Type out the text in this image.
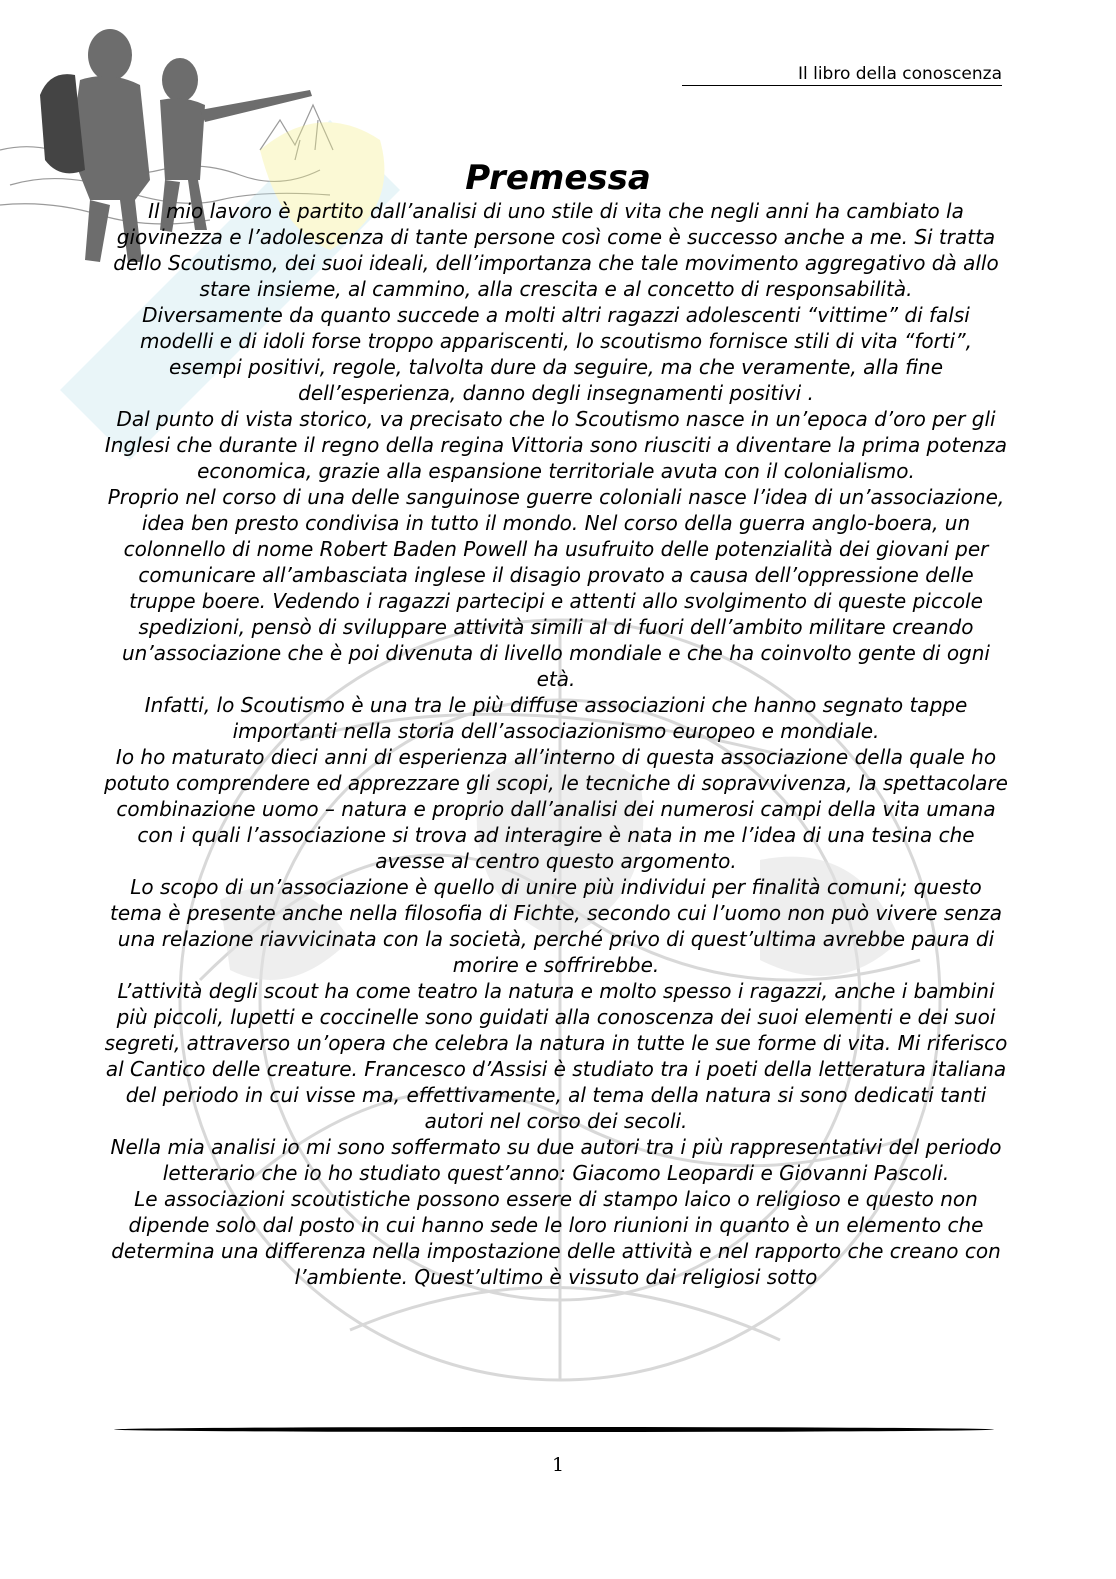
Il libro della conoscenza
Premessa

Il mio lavoro è partito dall’analisi di uno stile di vita che negli anni ha cambiato la giovinezza e l’adolescenza di tante persone così come è successo anche a me. Si tratta dello Scoutismo, dei suoi ideali, dell’importanza che tale movimento aggregativo dà allo stare insieme, al cammino, alla crescita e al concetto di responsabilità.

Diversamente da quanto succede a molti altri ragazzi adolescenti “vittime” di falsi modelli e di idoli forse troppo appariscenti, lo scoutismo fornisce stili di vita “forti”, esempi positivi, regole, talvolta dure da seguire, ma che veramente, alla fine dell’esperienza, danno degli insegnamenti positivi .

Dal punto di vista storico, va precisato che lo Scoutismo nasce in un’epoca d’oro per gli Inglesi che durante il regno della regina Vittoria sono riusciti a diventare la prima potenza economica, grazie alla espansione territoriale avuta con il colonialismo.

Proprio nel corso di una delle sanguinose guerre coloniali nasce l’idea di un’associazione, idea ben presto condivisa in tutto il mondo. Nel corso della guerra anglo-boera, un colonnello di nome Robert Baden Powell ha usufruito delle potenzialità dei giovani per comunicare all’ambasciata inglese il disagio provato a causa dell’oppressione delle truppe boere. Vedendo i ragazzi partecipi e attenti allo svolgimento di queste piccole spedizioni, pensò di sviluppare attività simili al di fuori dell’ambito militare creando un’associazione che è poi divenuta di livello mondiale e che ha coinvolto gente di ogni età.

Infatti, lo Scoutismo è una tra le più diffuse associazioni che hanno segnato tappe importanti nella storia dell’associazionismo europeo e mondiale.

Io ho maturato dieci anni di esperienza all’interno di questa associazione della quale ho potuto comprendere ed apprezzare gli scopi, le tecniche di sopravvivenza, la spettacolare combinazione uomo – natura e proprio dall’analisi dei numerosi campi della vita umana con i quali l’associazione si trova ad interagire è nata in me l’idea di una tesina che avesse al centro questo argomento.

Lo scopo di un’associazione è quello di unire più individui per finalità comuni; questo tema è presente anche nella filosofia di Fichte, secondo cui l’uomo non può vivere senza una relazione riavvicinata con la società, perché privo di quest’ultima avrebbe paura di morire e soffrirebbe.

L’attività degli scout ha come teatro la natura e molto spesso i ragazzi, anche i bambini più piccoli, lupetti e coccinelle sono guidati alla conoscenza dei suoi elementi e dei suoi segreti, attraverso un’opera che celebra la natura in tutte le sue forme di vita. Mi riferisco al Cantico delle creature. Francesco d’Assisi è studiato tra i poeti della letteratura italiana del periodo in cui visse ma, effettivamente, al tema della natura si sono dedicati tanti autori nel corso dei secoli.

Nella mia analisi io mi sono soffermato su due autori tra i più rappresentativi del periodo letterario che io ho studiato quest’anno: Giacomo Leopardi e Giovanni Pascoli.

Le associazioni scoutistiche possono essere di stampo laico o religioso e questo non dipende solo dal posto in cui hanno sede le loro riunioni in quanto è un elemento che determina una differenza nella impostazione delle attività e nel rapporto che creano con l’ambiente. Quest’ultimo è vissuto dai religiosi sotto

1
